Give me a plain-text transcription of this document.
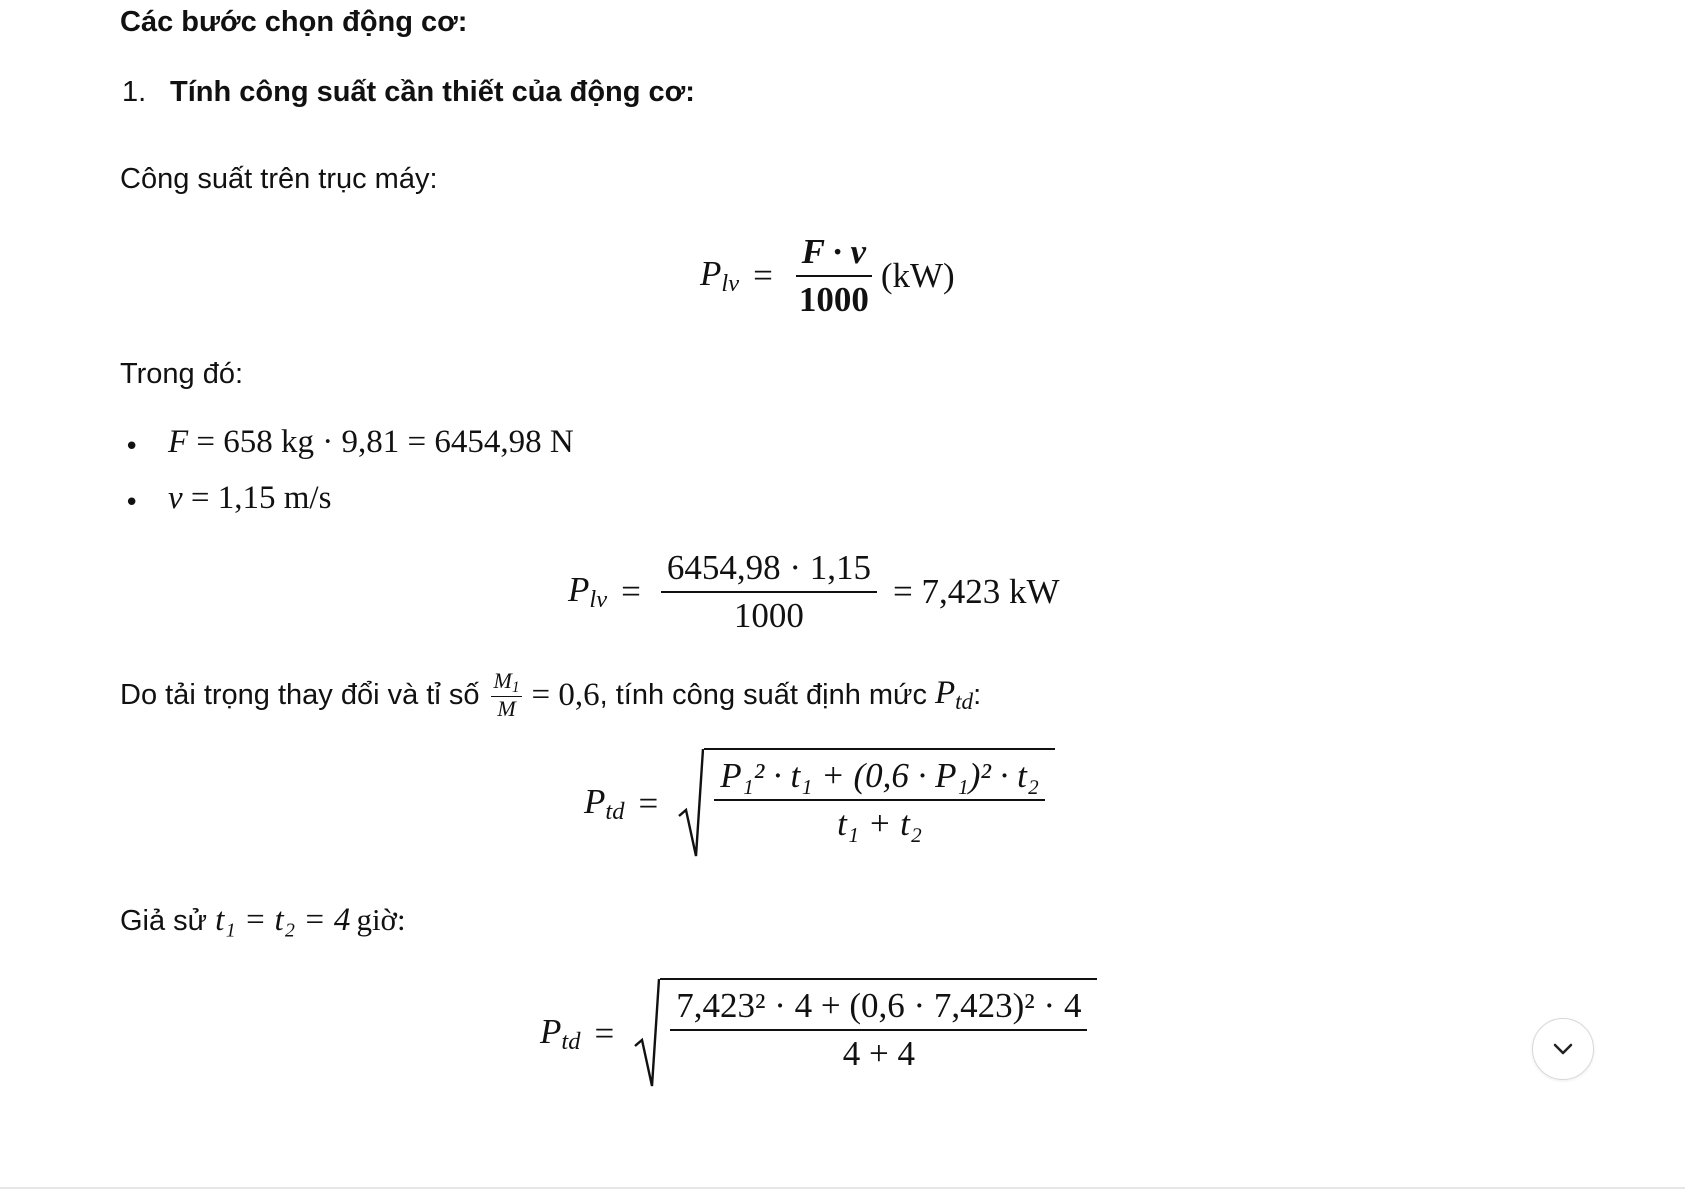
Các bước chọn động cơ:
1. Tính công suất cần thiết của động cơ:
Công suất trên trục máy:
$P_{lv} = \frac{F \cdot v}{1000} (kW)$
Trong đó:
• F = 658 kg · 9,81 = 6454,98 N
• v = 1,15 m/s
$P_{lv} = \frac{6454,98 \cdot 1,15}{1000} = 7,423$ kW
Do tải trọng thay đổi và tỉ số $\frac{M_1}{M} = 0,6$ , tính công suất định mức $P_{td}$ :
$P_{td} = \frac{\text{P₁² · t₁ + (0,6 · P₁)² · t₂}}{\text{t₁ + t₂}}$
Giả sử t₁ = t₂ = 4 giờ:
$P_{td} = \frac{\text{7,423² · 4 + (0,6 · 7,423)² · 4}}{4 + 4}$
